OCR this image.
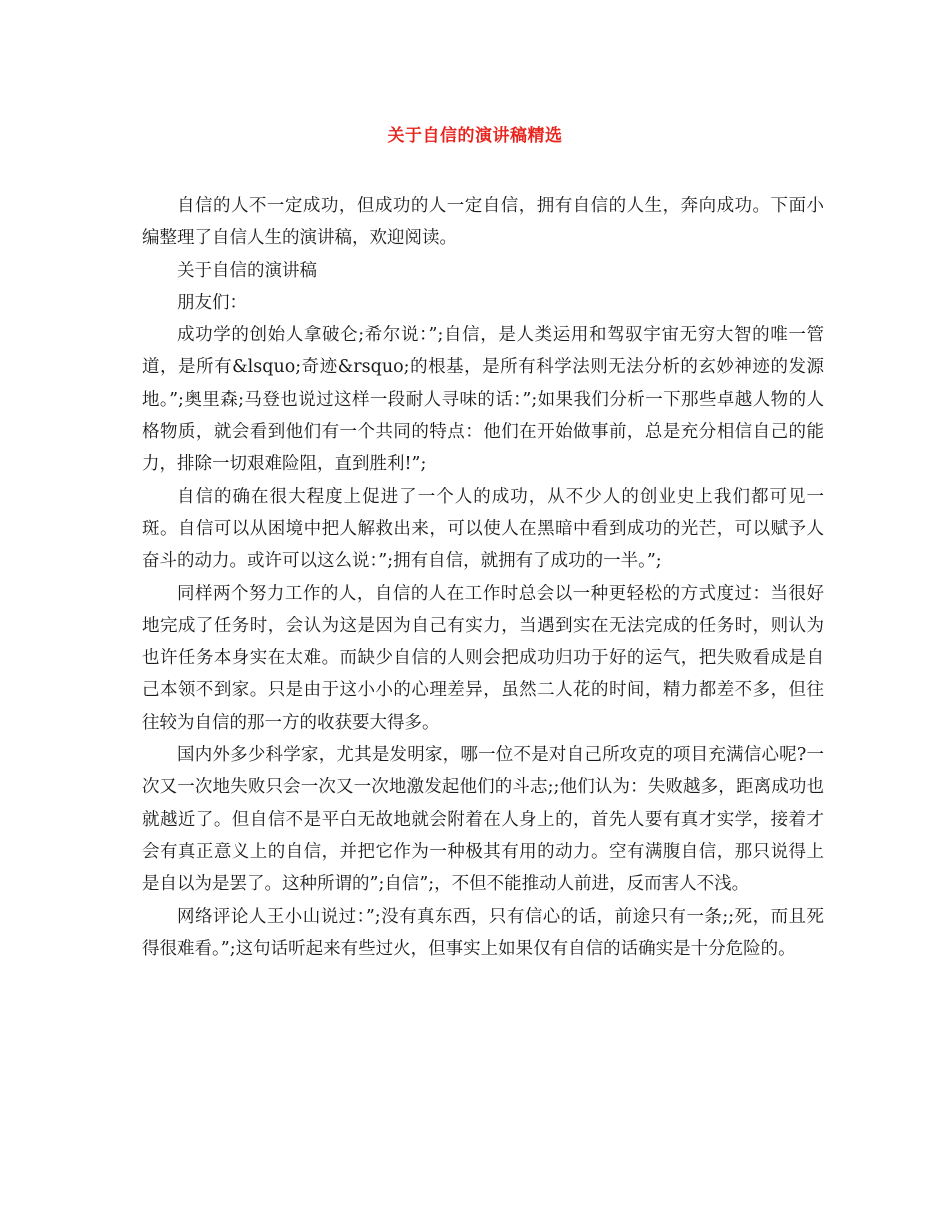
关于自信的演讲稿精选

自信的人不一定成功，但成功的人一定自信，拥有自信的人生，奔向成功。下面小编整理了自信人生的演讲稿，欢迎阅读。

关于自信的演讲稿

朋友们：

成功学的创始人拿破仑;希尔说：”;自信，是人类运用和驾驭宇宙无穷大智的唯一管道，是所有&lsquo;奇迹&rsquo;的根基，是所有科学法则无法分析的玄妙神迹的发源地。”;奥里森;马登也说过这样一段耐人寻味的话：”;如果我们分析一下那些卓越人物的人格物质，就会看到他们有一个共同的特点：他们在开始做事前，总是充分相信自己的能力，排除一切艰难险阻，直到胜利!”;

自信的确在很大程度上促进了一个人的成功，从不少人的创业史上我们都可见一斑。自信可以从困境中把人解救出来，可以使人在黑暗中看到成功的光芒，可以赋予人奋斗的动力。或许可以这么说：”;拥有自信，就拥有了成功的一半。”;

同样两个努力工作的人，自信的人在工作时总会以一种更轻松的方式度过：当很好地完成了任务时，会认为这是因为自己有实力，当遇到实在无法完成的任务时，则认为也许任务本身实在太难。而缺少自信的人则会把成功归功于好的运气，把失败看成是自己本领不到家。只是由于这小小的心理差异，虽然二人花的时间，精力都差不多，但往往较为自信的那一方的收获要大得多。

国内外多少科学家，尤其是发明家，哪一位不是对自己所攻克的项目充满信心呢?一次又一次地失败只会一次又一次地激发起他们的斗志;;他们认为：失败越多，距离成功也就越近了。但自信不是平白无故地就会附着在人身上的，首先人要有真才实学，接着才会有真正意义上的自信，并把它作为一种极其有用的动力。空有满腹自信，那只说得上是自以为是罢了。这种所谓的”;自信”;，不但不能推动人前进，反而害人不浅。

网络评论人王小山说过：”;没有真东西，只有信心的话，前途只有一条;;死，而且死得很难看。”;这句话听起来有些过火，但事实上如果仅有自信的话确实是十分危险的。
